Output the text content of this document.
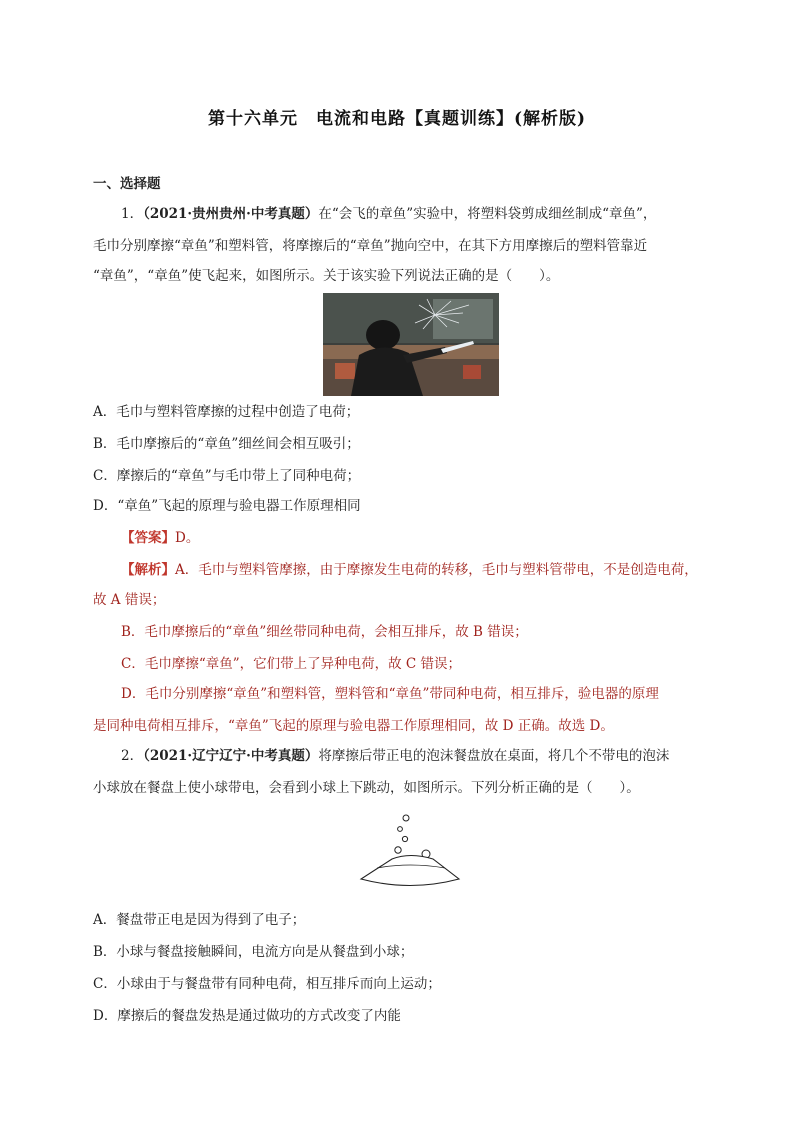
第十六单元　电流和电路【真题训练】(解析版)
一、选择题
1．（2021·贵州贵州·中考真题）在“会飞的章鱼”实验中，将塑料袋剪成细丝制成“章鱼”，
毛巾分别摩擦“章鱼”和塑料管，将摩擦后的“章鱼”抛向空中，在其下方用摩擦后的塑料管靠近
“章鱼”，“章鱼”使飞起来，如图所示。关于该实验下列说法正确的是（　　）。
A．毛巾与塑料管摩擦的过程中创造了电荷；
B．毛巾摩擦后的“章鱼”细丝间会相互吸引；
C．摩擦后的“章鱼”与毛巾带上了同种电荷；
D．“章鱼”飞起的原理与验电器工作原理相同
【答案】D。
【解析】A．毛巾与塑料管摩擦，由于摩擦发生电荷的转移，毛巾与塑料管带电，不是创造电荷，
故 A 错误；
B．毛巾摩擦后的“章鱼”细丝带同种电荷，会相互排斥，故 B 错误；
C．毛巾摩擦“章鱼”，它们带上了异种电荷，故 C 错误；
D．毛巾分别摩擦“章鱼”和塑料管，塑料管和“章鱼”带同种电荷，相互排斥，验电器的原理
是同种电荷相互排斥，“章鱼”飞起的原理与验电器工作原理相同，故 D 正确。故选 D。
2．（2021·辽宁辽宁·中考真题）将摩擦后带正电的泡沫餐盘放在桌面，将几个不带电的泡沫
小球放在餐盘上使小球带电，会看到小球上下跳动，如图所示。下列分析正确的是（　　）。
A．餐盘带正电是因为得到了电子；
B．小球与餐盘接触瞬间，电流方向是从餐盘到小球；
C．小球由于与餐盘带有同种电荷，相互排斥而向上运动；
D．摩擦后的餐盘发热是通过做功的方式改变了内能
